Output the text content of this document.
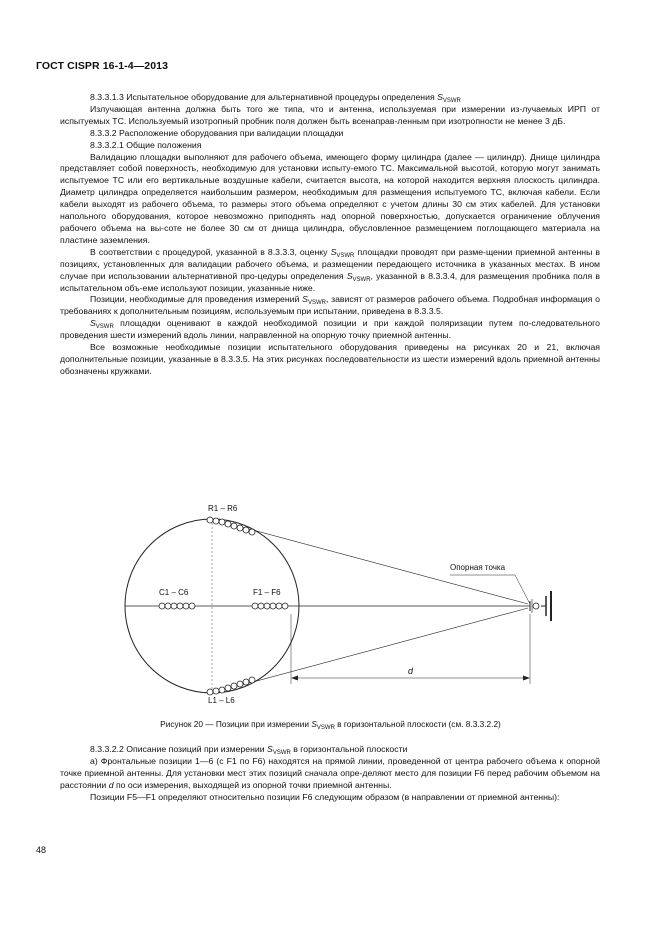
ГОСТ CISPR 16-1-4—2013

8.3.3.1.3 Испытательное оборудование для альтернативной процедуры определения $S_{VSWR}$

Излучающая антенна должна быть того же типа, что и антенна, используемая при измерении из-лучаемых ИРП от испытуемых ТС. Используемый изотропный пробник поля должен быть всенаправ-ленным при изотропности не менее 3 дБ.

8.3.3.2 Расположение оборудования при валидации площадки

8.3.3.2.1 Общие положения

Валидацию площадки выполняют для рабочего объема, имеющего форму цилиндра (далее — цилиндр). Днище цилиндра представляет собой поверхность, необходимую для установки испыту-емого ТС. Максимальной высотой, которую могут занимать испытуемое ТС или его вертикальные воздушные кабели, считается высота, на которой находится верхняя плоскость цилиндра. Диаметр цилиндра определяется наибольшим размером, необходимым для размещения испытуемого ТС, включая кабели. Если кабели выходят из рабочего объема, то размеры этого объема определяют с учетом длины 30 см этих кабелей. Для установки напольного оборудования, которое невозможно приподнять над опорной поверхностью, допускается ограничение облучения рабочего объема на вы-соте не более 30 см от днища цилиндра, обусловленное размещением поглощающего материала на пластине заземления.

В соответствии с процедурой, указанной в 8.3.3.3, оценку $S_{VSWR}$ площадки проводят при разме-щении приемной антенны в позициях, установленных для валидации рабочего объема, и размещении передающего источника в указанных местах. В ином случае при использовании альтернативной про-цедуры определения $S_{VSWR}$, указанной в 8.3.3.4, для размещения пробника поля в испытательном объ-еме используют позиции, указанные ниже.

Позиции, необходимые для проведения измерений $S_{VSWR}$, зависят от размеров рабочего объема. Подробная информация о требованиях к дополнительным позициям, используемым при испытании, приведена в 8.3.3.5.

$S_{VSWR}$ площадки оценивают в каждой необходимой позиции и при каждой поляризации путем по-следовательного проведения шести измерений вдоль линии, направленной на опорную точку приемной антенны.

Все возможные необходимые позиции испытательного оборудования приведены на рисунках 20 и 21, включая дополнительные позиции, указанные в 8.3.3.5. На этих рисунках последовательности из шести измерений вдоль приемной антенны обозначены кружками.

R1 – R6
L1 – L6
C1 – C6	F1 – F6
Опорная точка
d
Рисунок 20 — Позиции при измерении $S_{VSWR}$ в горизонтальной плоскости (см. 8.3.3.2.2)

8.3.3.2.2 Описание позиций при измерении $S_{VSWR}$ в горизонтальной плоскости

а) Фронтальные позиции 1—6 (с F1 по F6) находятся на прямой линии, проведенной от центра рабочего объема к опорной точке приемной антенны. Для установки мест этих позиций сначала опре-деляют место для позиции F6 перед рабочим объемом на расстоянии d по оси измерения, выходящей из опорной точки приемной антенны.

Позиции F5—F1 определяют относительно позиции F6 следующим образом (в направлении от приемной антенны):

48
